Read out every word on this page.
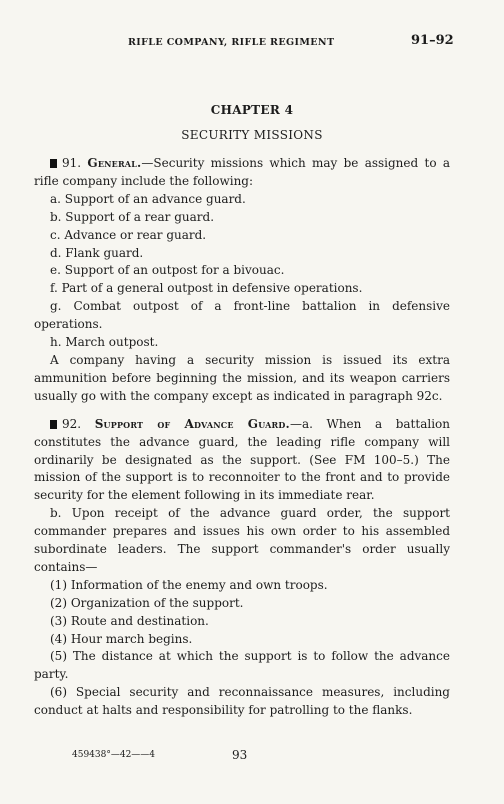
RIFLE COMPANY, RIFLE REGIMENT	91–92
CHAPTER 4
SECURITY MISSIONS

91. General.—Security missions which may be assigned to a rifle company include the following:

a. Support of an advance guard.

b. Support of a rear guard.

c. Advance or rear guard.

d. Flank guard.

e. Support of an outpost for a bivouac.

f. Part of a general outpost in defensive operations.

g. Combat outpost of a front-line battalion in defensive operations.

h. March outpost.

A company having a security mission is issued its extra ammunition before beginning the mission, and its weapon carriers usually go with the company except as indicated in paragraph 92c.

92. Support of Advance Guard.—a. When a battalion constitutes the advance guard, the leading rifle company will ordinarily be designated as the support. (See FM 100–5.) The mission of the support is to reconnoiter to the front and to provide security for the element following in its immediate rear.

b. Upon receipt of the advance guard order, the support commander prepares and issues his own order to his assembled subordinate leaders. The support commander's order usually contains—

(1) Information of the enemy and own troops.

(2) Organization of the support.

(3) Route and destination.

(4) Hour march begins.

(5) The distance at which the support is to follow the advance party.

(6) Special security and reconnaissance measures, including conduct at halts and responsibility for patrolling to the flanks.

459438°—42——4	93
